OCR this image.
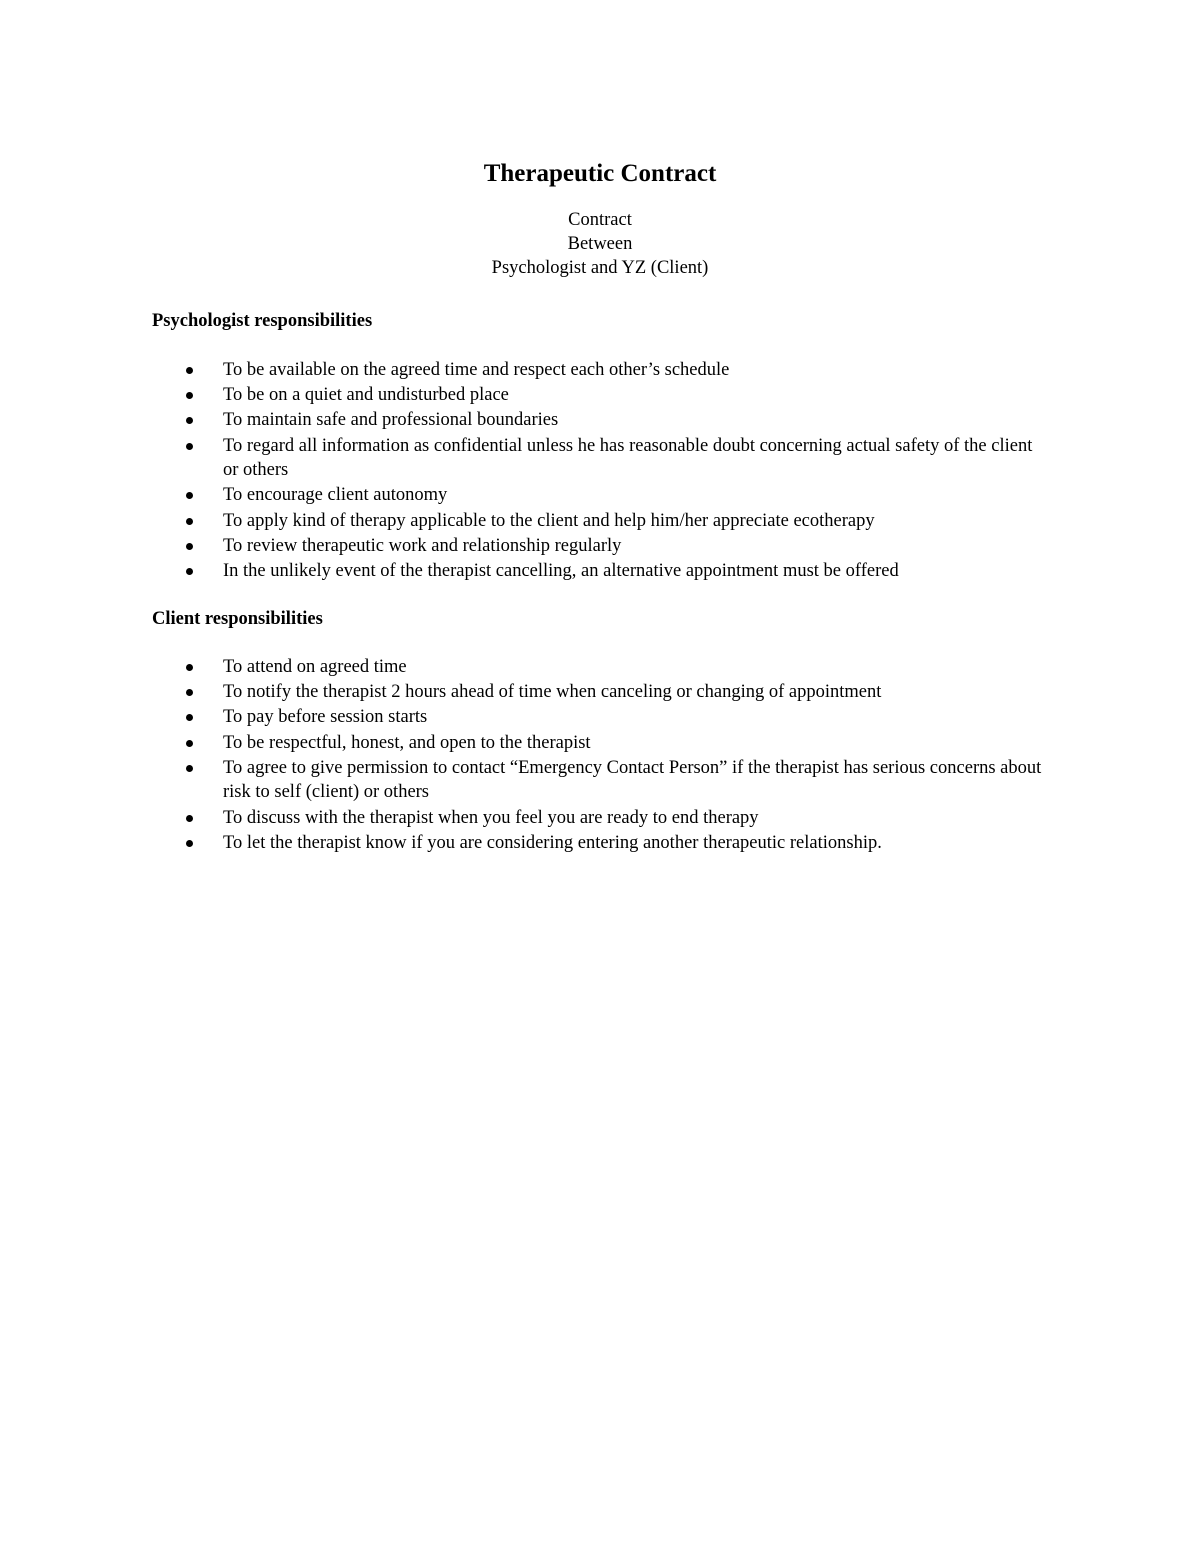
Therapeutic Contract
Contract
Between
Psychologist and YZ (Client)
Psychologist responsibilities
To be available on the agreed time and respect each other’s schedule
To be on a quiet and undisturbed place
To maintain safe and professional boundaries
To regard all information as confidential unless he has reasonable doubt concerning actual safety of the client or others
To encourage client autonomy
To apply kind of therapy applicable to the client and help him/her appreciate ecotherapy
To review therapeutic work and relationship regularly
In the unlikely event of the therapist cancelling, an alternative appointment must be offered
Client responsibilities
To attend on agreed time
To notify the therapist 2 hours ahead of time when canceling or changing of appointment
To pay before session starts
To be respectful, honest, and open to the therapist
To agree to give permission to contact “Emergency Contact Person” if the therapist has serious concerns about risk to self (client) or others
To discuss with the therapist when you feel you are ready to end therapy
To let the therapist know if you are considering entering another therapeutic relationship.
